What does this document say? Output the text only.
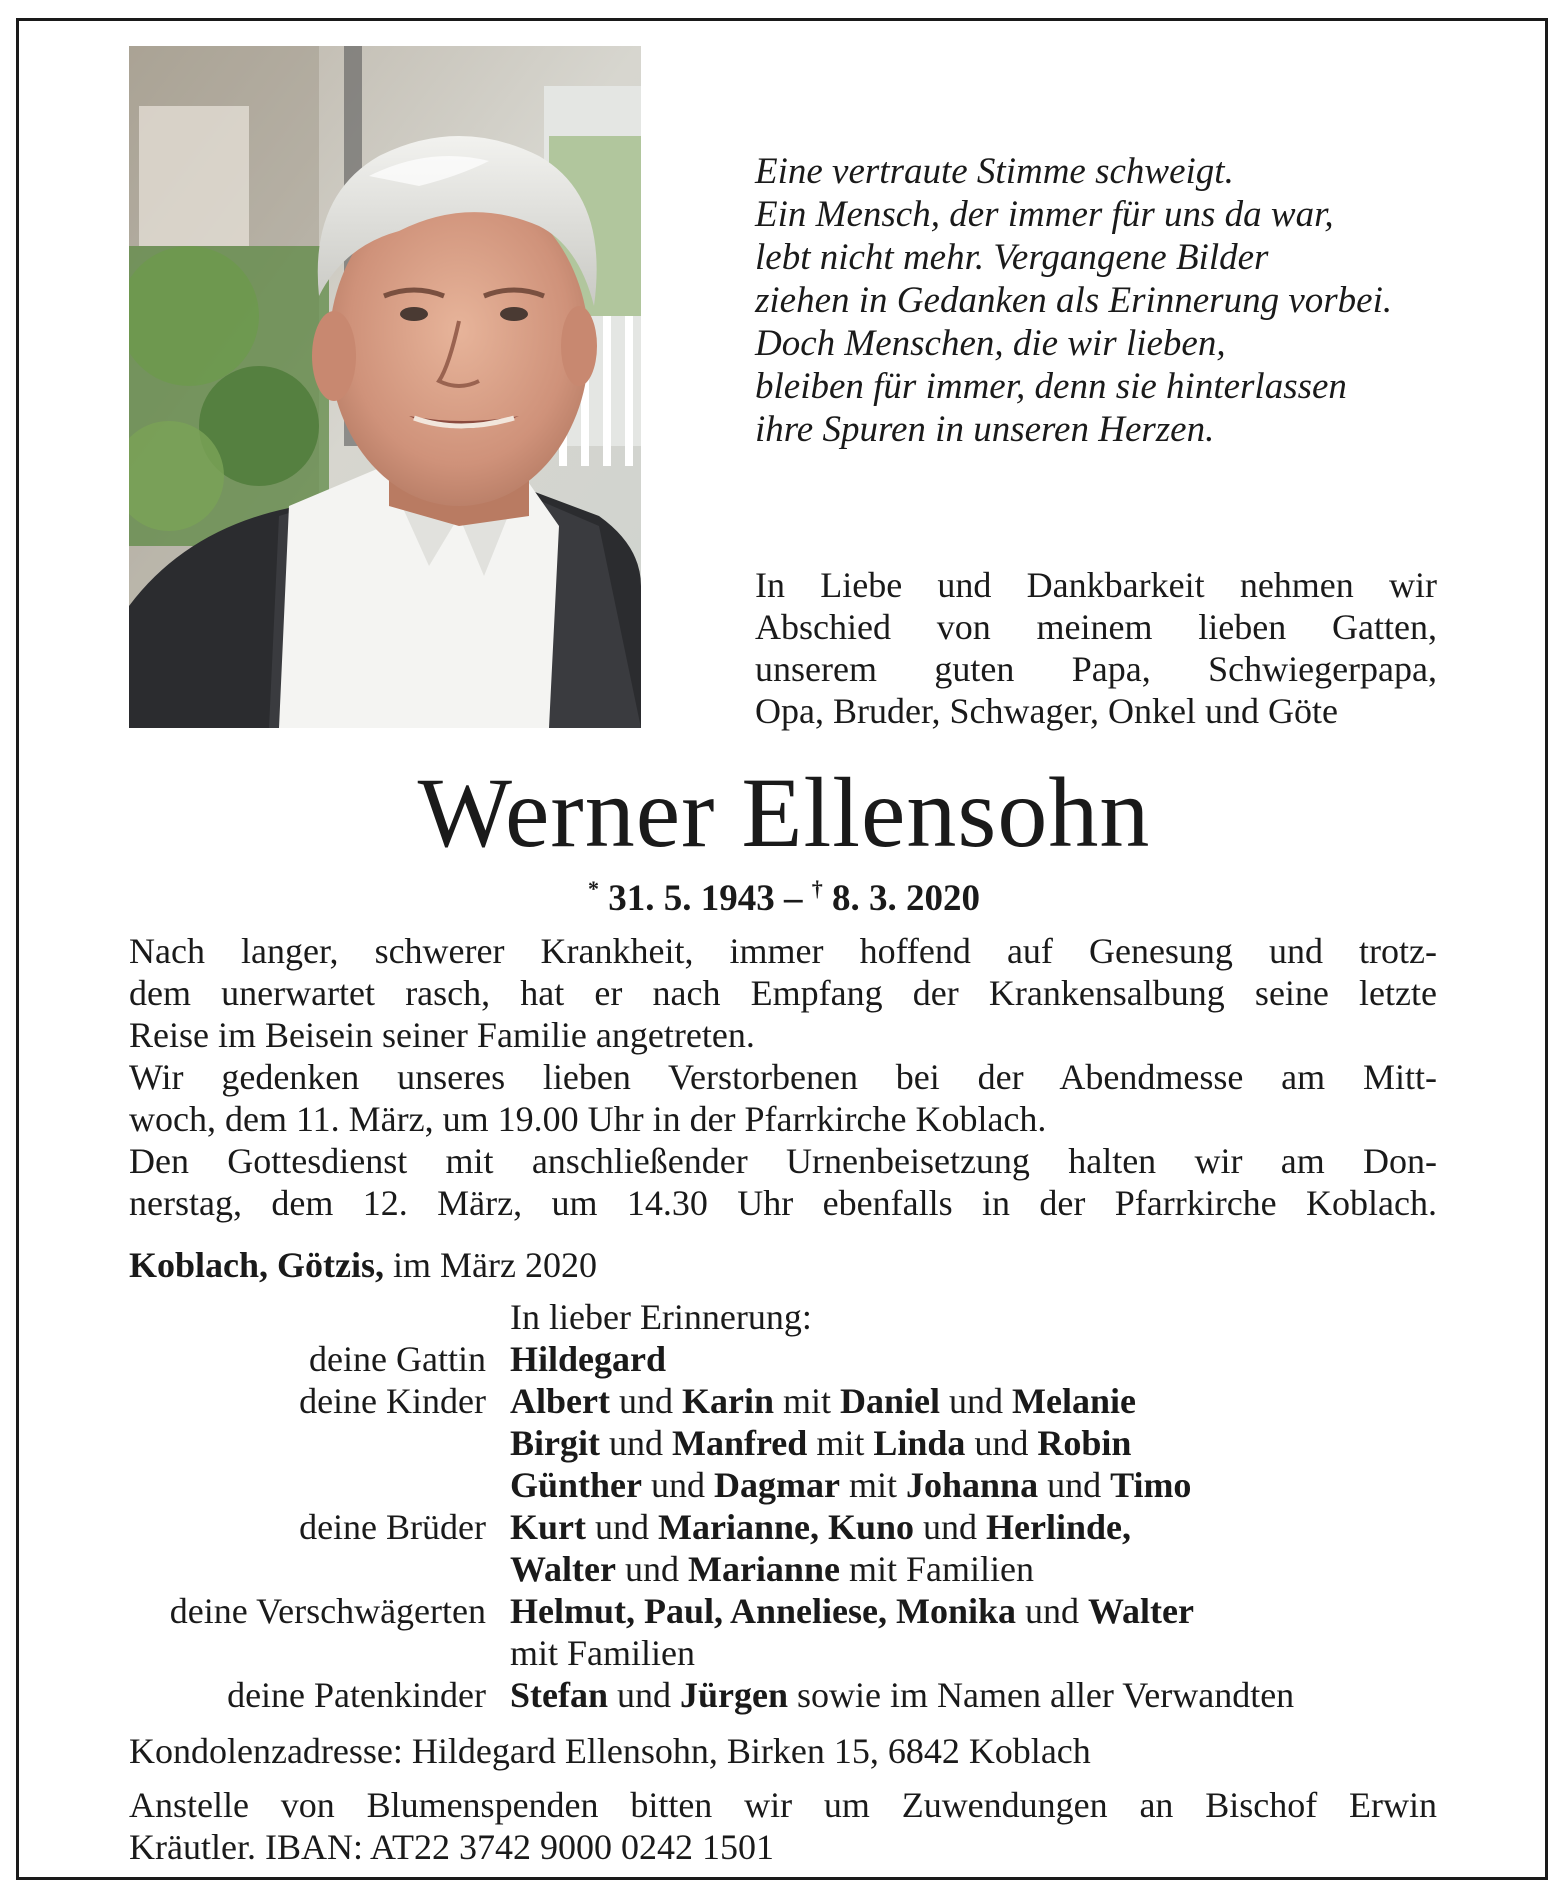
Eine vertraute Stimme schweigt.
Ein Mensch, der immer für uns da war,
lebt nicht mehr. Vergangene Bilder
ziehen in Gedanken als Erinnerung vorbei.
Doch Menschen, die wir lieben,
bleiben für immer, denn sie hinterlassen
ihre Spuren in unseren Herzen.
In Liebe und Dankbarkeit nehmen wir
Abschied von meinem lieben Gatten,
unserem guten Papa, Schwiegerpapa,
Opa, Bruder, Schwager, Onkel und Göte
Werner Ellensohn
* 31. 5. 1943 – † 8. 3. 2020
Nach langer, schwerer Krankheit, immer hoffend auf Genesung und trotz-
dem unerwartet rasch, hat er nach Empfang der Krankensalbung seine letzte
Reise im Beisein seiner Familie angetreten.
Wir gedenken unseres lieben Verstorbenen bei der Abendmesse am Mitt-
woch, dem 11. März, um 19.00 Uhr in der Pfarrkirche Koblach.
Den Gottesdienst mit anschließender Urnenbeisetzung halten wir am Don-
nerstag, dem 12. März, um 14.30 Uhr ebenfalls in der Pfarrkirche Koblach.
Koblach, Götzis, im März 2020
In lieber Erinnerung:
deine Gattin Hildegard
deine Kinder Albert und Karin mit Daniel und Melanie
Birgit und Manfred mit Linda und Robin
Günther und Dagmar mit Johanna und Timo
deine Brüder Kurt und Marianne, Kuno und Herlinde,
Walter und Marianne mit Familien
deine Verschwägerten Helmut, Paul, Anneliese, Monika und Walter
mit Familien
deine Patenkinder Stefan und Jürgen sowie im Namen aller Verwandten
Kondolenzadresse: Hildegard Ellensohn, Birken 15, 6842 Koblach
Anstelle von Blumenspenden bitten wir um Zuwendungen an Bischof Erwin
Kräutler. IBAN: AT22 3742 9000 0242 1501
